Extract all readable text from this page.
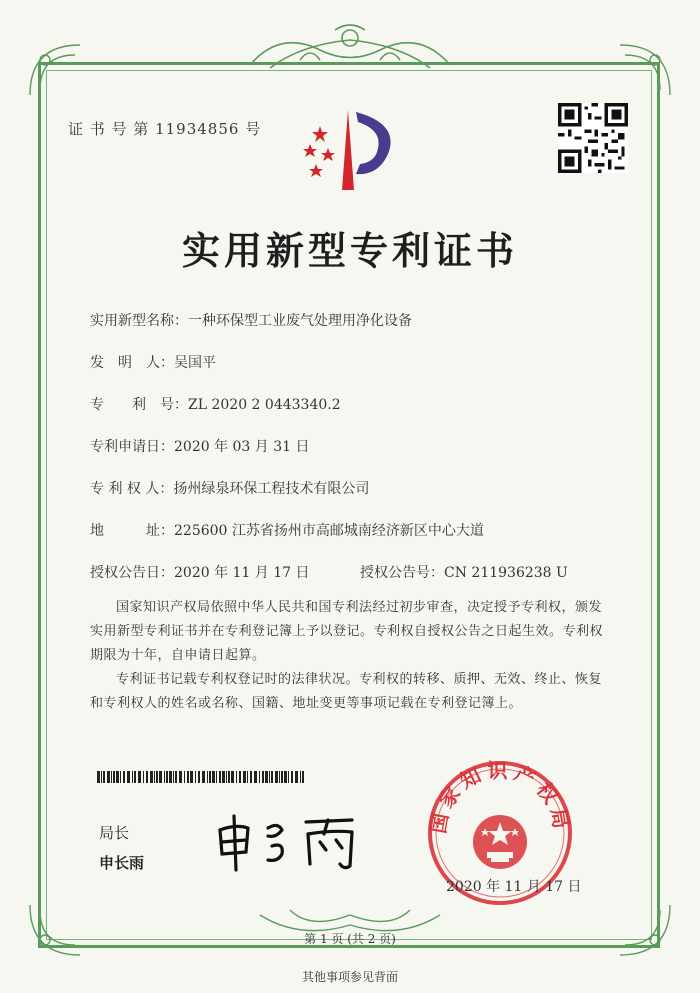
证 书 号 第 11934856 号
实用新型专利证书
实用新型名称：一种环保型工业废气处理用净化设备
发　明　人：吴国平
专　　利　号：ZL 2020 2 0443340.2
专利申请日：2020 年 03 月 31 日
专 利 权 人：扬州绿泉环保工程技术有限公司
地　　　址：225600 江苏省扬州市高邮城南经济新区中心大道
授权公告日：2020 年 11 月 17 日	授权公告号：CN 211936238 U
国家知识产权局依照中华人民共和国专利法经过初步审查，决定授予专利权，颁发实用新型专利证书并在专利登记簿上予以登记。专利权自授权公告之日起生效。专利权期限为十年，自申请日起算。
专利证书记载专利权登记时的法律状况。专利权的转移、质押、无效、终止、恢复和专利权人的姓名或名称、国籍、地址变更等事项记载在专利登记簿上。
局长
申长雨
国家知识产权局
2020 年 11 月 17 日
第 1 页 (共 2 页)
其他事项参见背面
